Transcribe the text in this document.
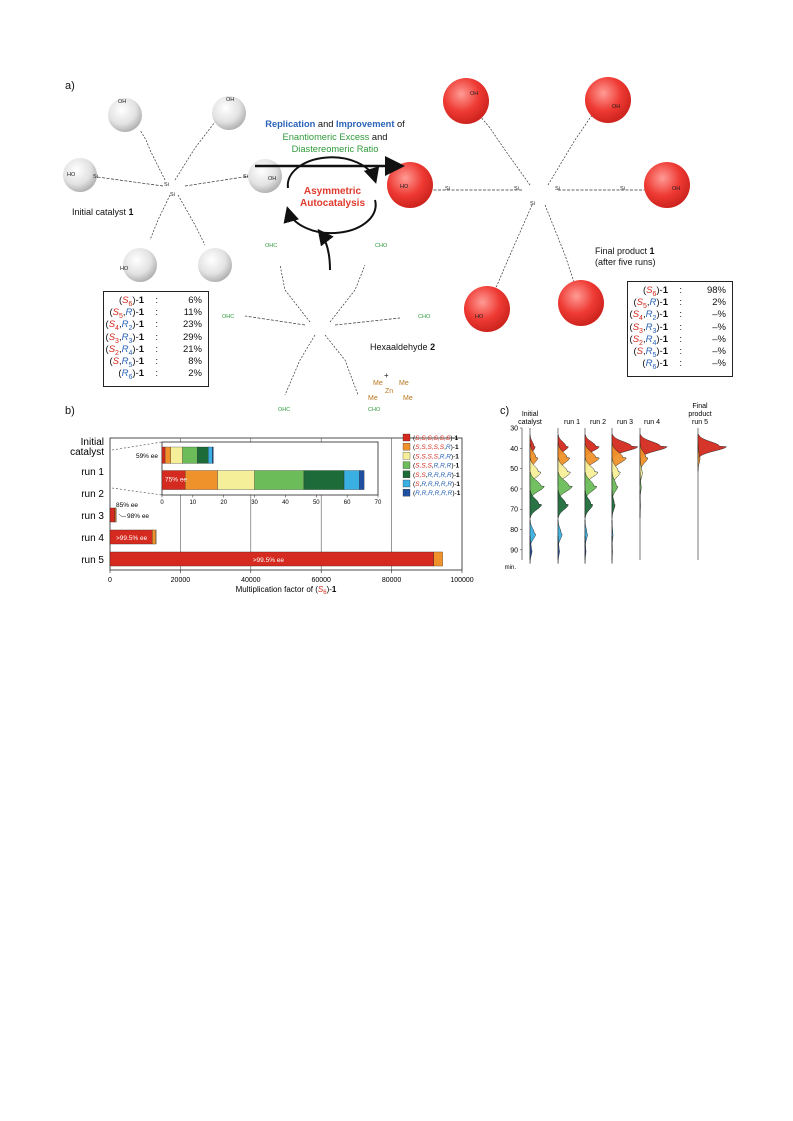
a)
Si
Si
Si	Si
HO
OH
OH	OH
HO
Si	Si
Si
Si	Si
HO
OH
OH
OH
HO
OHC	CHO
OHC	CHO
OHC	CHO
Me Me
Me	Me
Zn
+
Replication and Improvement of
Enantiomeric Excess and
Diastereomeric Ratio
Asymmetric
Autocatalysis
Initial catalyst 1
Final product 1
(after five runs)
Hexaaldehyde 2
$(S_6)-1$ :	6%
$(S_5,R)-1$ :	11%
$(S_4,R_2)-1$ :	23%
$(S_3,R_3)-1$ :	29%
$(S_2,R_4)-1$ :	21%
$(S,R_5)-1$ :	8%
$(R_6)-1$ :	2%
$(S_6)-1$ :	98%
$(S_5,R)-1$ :	2%
$(S_4,R_2)-1$ :	–%
$(S_3,R_3)-1$ :	–%
$(S_2,R_4)-1$ :	–%
$(S,R_5)-1$ :	–%
$(R_6)-1$ :	–%
b)
0	20000	40000	60000	80000	100000
Multiplication factor of $(S_6)-1$
Initial catalyst
run 1
run 2
run 3
run 4
run 5
85% ee
98% ee
>99.5% ee
>99.5% ee
0	10	20	30	40	50	60	70
59% ee
75% ee
(S,S,S,S,S,S)-1
(S,S,S,S,S,R)-1
(S,S,S,S,R,R)-1
(S,S,S,R,R,R)-1
(S,S,R,R,R,R)-1
(S,R,R,R,R,R)-1
(R,R,R,R,R,R)-1
c)	Initial catalyst	run 1 run 2 run 3 run 4
Final product run 5
30
40
50
60
70
80
90
min.
